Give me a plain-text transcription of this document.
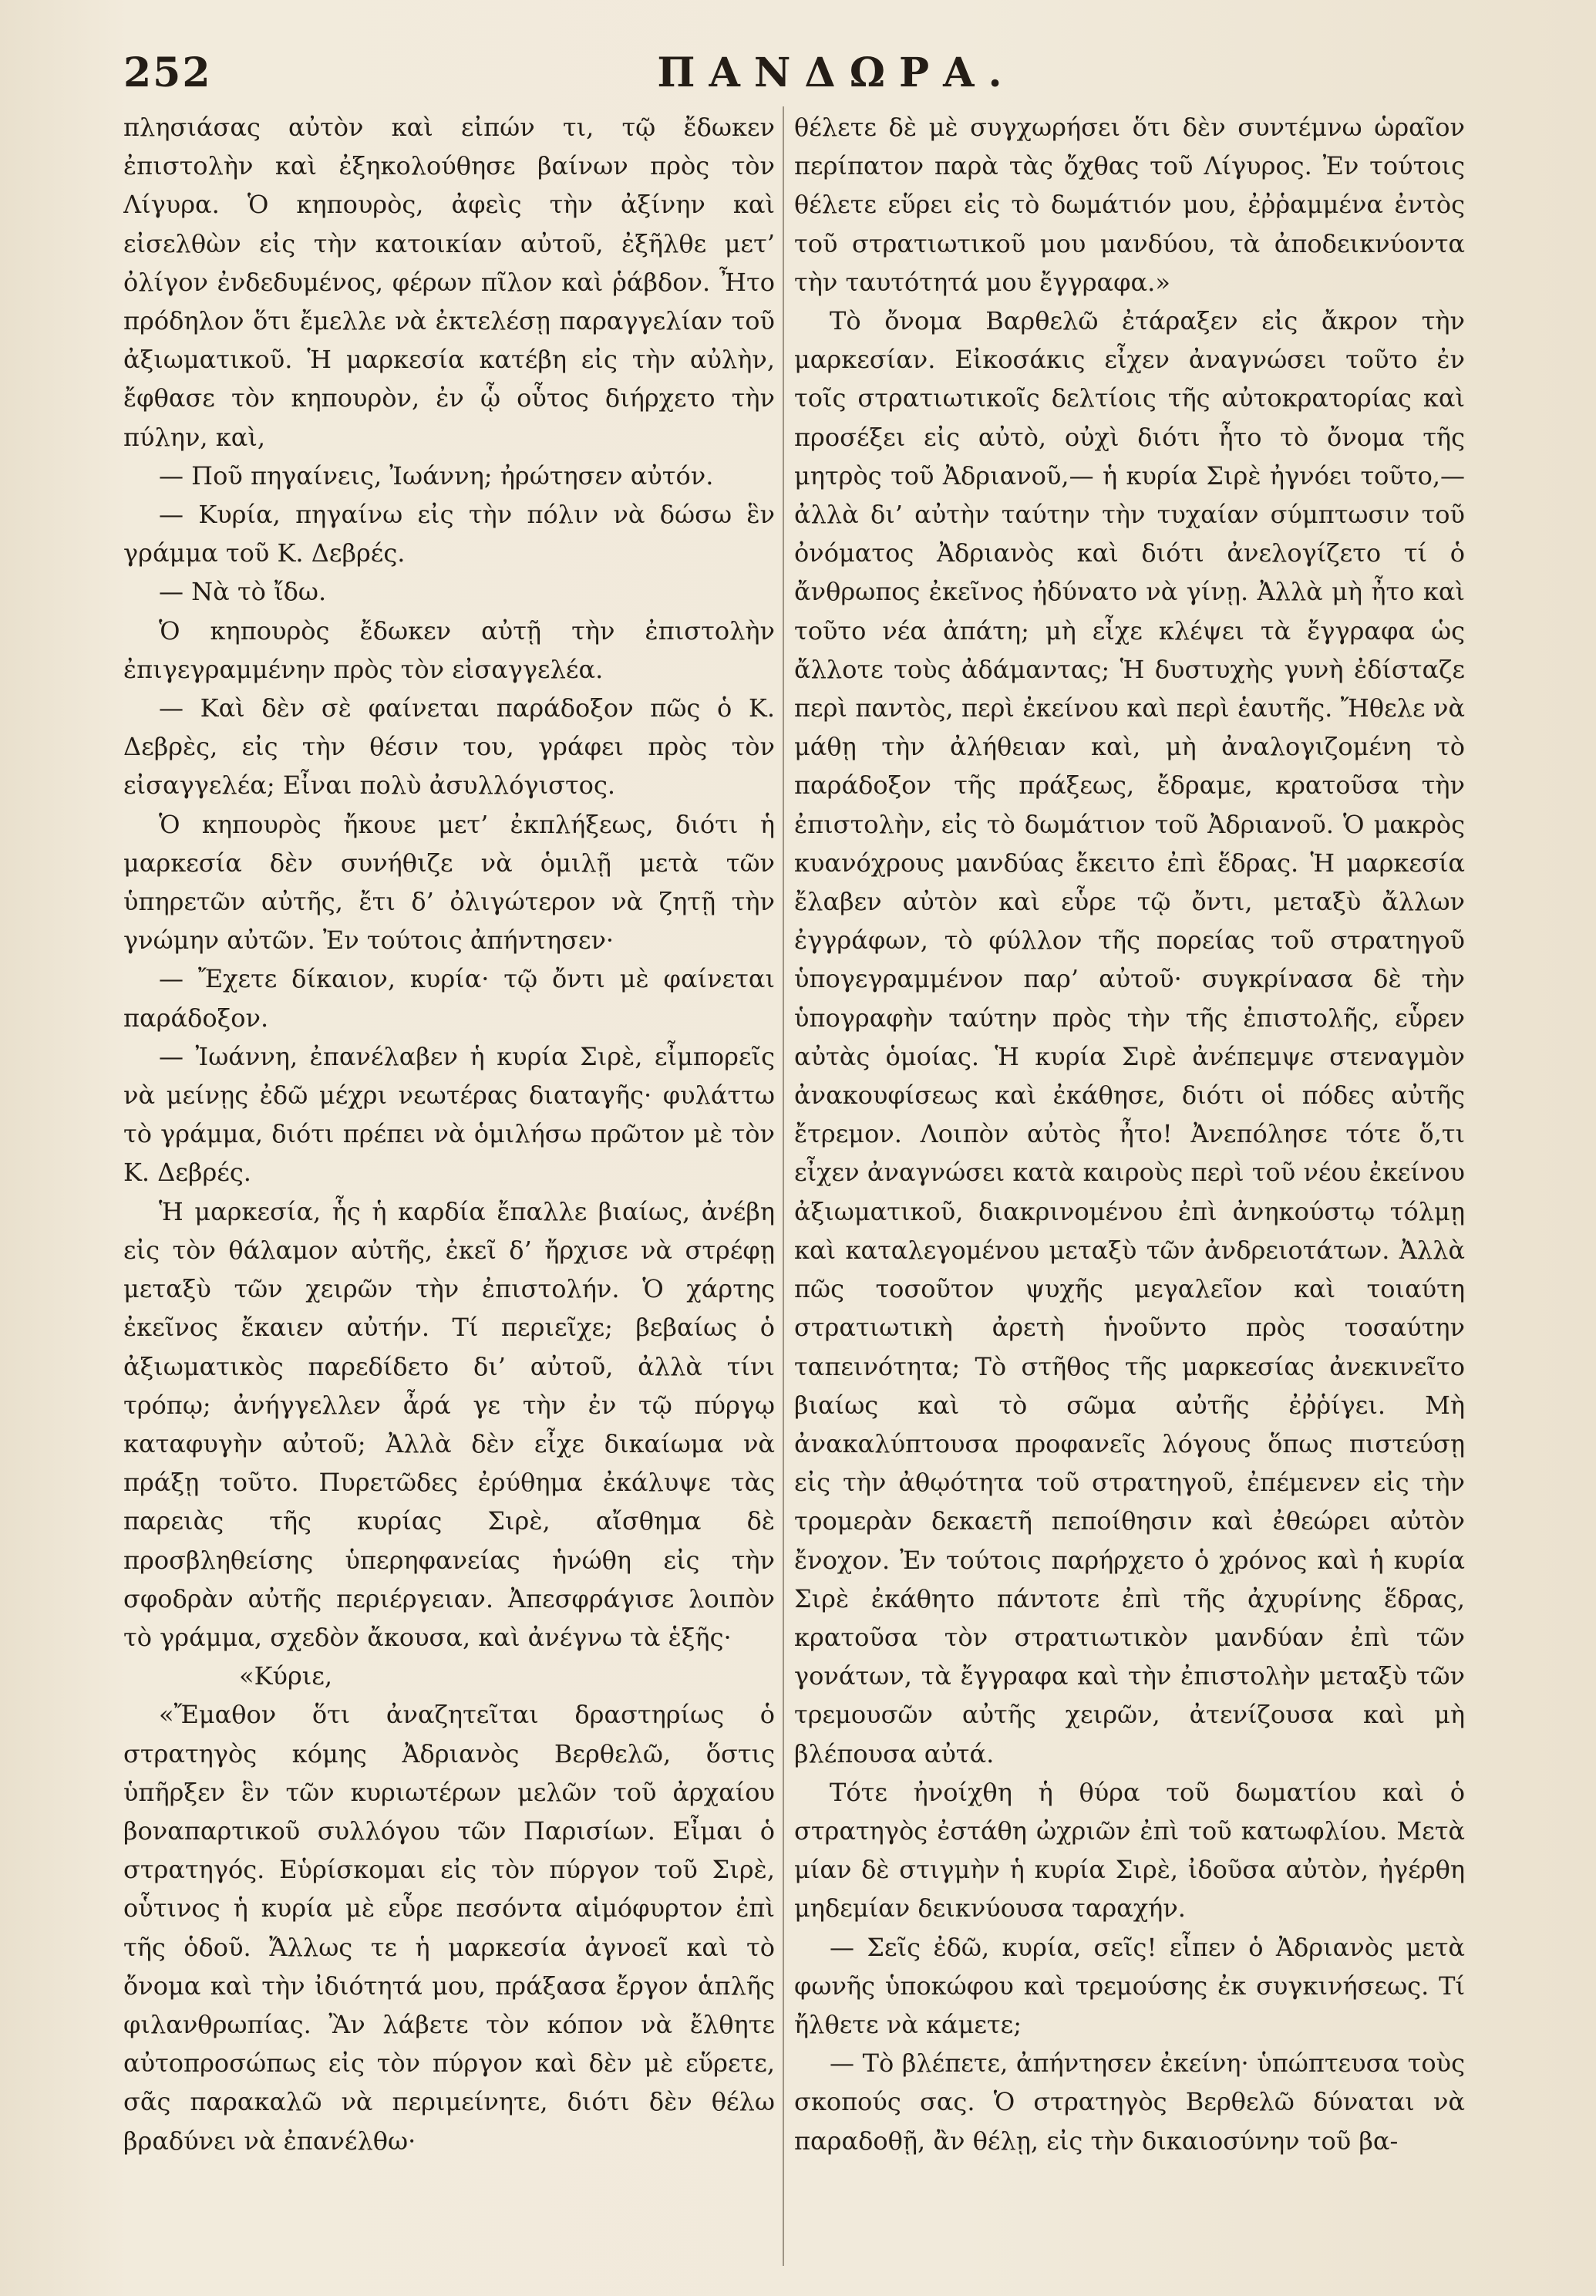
252	ΠΑΝΔΩΡΑ.

πλησιάσας αὐτὸν καὶ εἰπών τι, τῷ ἔδωκεν ἐπιστολὴν καὶ ἐξηκολούθησε βαίνων πρὸς τὸν Λίγυρα. Ὁ κηπουρὸς, ἀφεὶς τὴν ἀξίνην καὶ εἰσελθὼν εἰς τὴν κατοικίαν αὐτοῦ, ἐξῆλθε μετ’ ὀλίγον ἐνδεδυμένος, φέρων πῖλον καὶ ῥάβδον. Ἦτο πρόδηλον ὅτι ἔμελλε νὰ ἐκτελέσῃ παραγγελίαν τοῦ ἀξιωματικοῦ. Ἡ μαρκεσία κατέβη εἰς τὴν αὐλὴν, ἔφθασε τὸν κηπουρὸν, ἐν ᾧ οὗτος διήρχετο τὴν πύλην, καὶ,

— Ποῦ πηγαίνεις, Ἰωάννη; ἠρώτησεν αὐτόν.

— Κυρία, πηγαίνω εἰς τὴν πόλιν νὰ δώσω ἓν γράμμα τοῦ Κ. Δεβρές.

— Νὰ τὸ ἴδω.

Ὁ κηπουρὸς ἔδωκεν αὐτῇ τὴν ἐπιστολὴν ἐπιγεγραμμένην πρὸς τὸν εἰσαγγελέα.

— Καὶ δὲν σὲ φαίνεται παράδοξον πῶς ὁ Κ. Δεβρὲς, εἰς τὴν θέσιν του, γράφει πρὸς τὸν εἰσαγγελέα; Εἶναι πολὺ ἀσυλλόγιστος.

Ὁ κηπουρὸς ἤκουε μετ’ ἐκπλήξεως, διότι ἡ μαρκεσία δὲν συνήθιζε νὰ ὁμιλῇ μετὰ τῶν ὑπηρετῶν αὐτῆς, ἔτι δ’ ὀλιγώτερον νὰ ζητῇ τὴν γνώμην αὐτῶν. Ἐν τούτοις ἀπήντησεν·

— Ἔχετε δίκαιον, κυρία· τῷ ὄντι μὲ φαίνεται παράδοξον.

— Ἰωάννη, ἐπανέλαβεν ἡ κυρία Σιρὲ, εἶμπορεῖς νὰ μείνῃς ἐδῶ μέχρι νεωτέρας διαταγῆς· φυλάττω τὸ γράμμα, διότι πρέπει νὰ ὁμιλήσω πρῶτον μὲ τὸν Κ. Δεβρές.

Ἡ μαρκεσία, ἧς ἡ καρδία ἔπαλλε βιαίως, ἀνέβη εἰς τὸν θάλαμον αὐτῆς, ἐκεῖ δ’ ἤρχισε νὰ στρέφῃ μεταξὺ τῶν χειρῶν τὴν ἐπιστολήν. Ὁ χάρτης ἐκεῖνος ἔκαιεν αὐτήν. Τί περιεῖχε; βεβαίως ὁ ἀξιωματικὸς παρεδίδετο δι’ αὐτοῦ, ἀλλὰ τίνι τρόπῳ; ἀνήγγελλεν ἆρά γε τὴν ἐν τῷ πύργῳ καταφυγὴν αὐτοῦ; Ἀλλὰ δὲν εἶχε δικαίωμα νὰ πράξῃ τοῦτο. Πυρετῶδες ἐρύθημα ἐκάλυψε τὰς παρειὰς τῆς κυρίας Σιρὲ, αἴσθημα δὲ προσβληθείσης ὑπερηφανείας ἡνώθη εἰς τὴν σφοδρὰν αὐτῆς περιέργειαν. Ἀπεσφράγισε λοιπὸν τὸ γράμμα, σχεδὸν ἄκουσα, καὶ ἀνέγνω τὰ ἑξῆς·

«Κύριε,

«Ἔμαθον ὅτι ἀναζητεῖται δραστηρίως ὁ στρατηγὸς κόμης Ἀδριανὸς Βερθελῶ, ὅστις ὑπῆρξεν ἓν τῶν κυριωτέρων μελῶν τοῦ ἀρχαίου βοναπαρτικοῦ συλλόγου τῶν Παρισίων. Εἶμαι ὁ στρατηγός. Εὑρίσκομαι εἰς τὸν πύργον τοῦ Σιρὲ, οὗτινος ἡ κυρία μὲ εὗρε πεσόντα αἱμόφυρτον ἐπὶ τῆς ὁδοῦ. Ἄλλως τε ἡ μαρκεσία ἀγνοεῖ καὶ τὸ ὄνομα καὶ τὴν ἰδιότητά μου, πράξασα ἔργον ἁπλῆς φιλανθρωπίας. Ἂν λάβετε τὸν κόπον νὰ ἔλθητε αὐτοπροσώπως εἰς τὸν πύργον καὶ δὲν μὲ εὕρετε, σᾶς παρακαλῶ νὰ περιμείνητε, διότι δὲν θέλω βραδύνει νὰ ἐπανέλθω·

θέλετε δὲ μὲ συγχωρήσει ὅτι δὲν συντέμνω ὡραῖον περίπατον παρὰ τὰς ὄχθας τοῦ Λίγυρος. Ἐν τούτοις θέλετε εὕρει εἰς τὸ δωμάτιόν μου, ἐῤῥαμμένα ἐντὸς τοῦ στρατιωτικοῦ μου μανδύου, τὰ ἀποδεικνύοντα τὴν ταυτότητά μου ἔγγραφα.»

Τὸ ὄνομα Βαρθελῶ ἐτάραξεν εἰς ἄκρον τὴν μαρκεσίαν. Εἰκοσάκις εἶχεν ἀναγνώσει τοῦτο ἐν τοῖς στρατιωτικοῖς δελτίοις τῆς αὐτοκρατορίας καὶ προσέξει εἰς αὐτὸ, οὐχὶ διότι ἦτο τὸ ὄνομα τῆς μητρὸς τοῦ Ἀδριανοῦ,— ἡ κυρία Σιρὲ ἠγνόει τοῦτο,— ἀλλὰ δι’ αὐτὴν ταύτην τὴν τυχαίαν σύμπτωσιν τοῦ ὀνόματος Ἀδριανὸς καὶ διότι ἀνελογίζετο τί ὁ ἄνθρωπος ἐκεῖνος ἠδύνατο νὰ γίνῃ. Ἀλλὰ μὴ ἦτο καὶ τοῦτο νέα ἀπάτη; μὴ εἶχε κλέψει τὰ ἔγγραφα ὡς ἄλλοτε τοὺς ἀδάμαντας; Ἡ δυστυχὴς γυνὴ ἐδίσταζε περὶ παντὸς, περὶ ἐκείνου καὶ περὶ ἑαυτῆς. Ἤθελε νὰ μάθῃ τὴν ἀλήθειαν καὶ, μὴ ἀναλογιζομένη τὸ παράδοξον τῆς πράξεως, ἔδραμε, κρατοῦσα τὴν ἐπιστολὴν, εἰς τὸ δωμάτιον τοῦ Ἀδριανοῦ. Ὁ μακρὸς κυανόχρους μανδύας ἔκειτο ἐπὶ ἕδρας. Ἡ μαρκεσία ἔλαβεν αὐτὸν καὶ εὗρε τῷ ὄντι, μεταξὺ ἄλλων ἐγγράφων, τὸ φύλλον τῆς πορείας τοῦ στρατηγοῦ ὑπογεγραμμένον παρ’ αὐτοῦ· συγκρίνασα δὲ τὴν ὑπογραφὴν ταύτην πρὸς τὴν τῆς ἐπιστολῆς, εὗρεν αὐτὰς ὁμοίας. Ἡ κυρία Σιρὲ ἀνέπεμψε στεναγμὸν ἀνακουφίσεως καὶ ἐκάθησε, διότι οἱ πόδες αὐτῆς ἔτρεμον. Λοιπὸν αὐτὸς ἦτο! Ἀνεπόλησε τότε ὅ,τι εἶχεν ἀναγνώσει κατὰ καιροὺς περὶ τοῦ νέου ἐκείνου ἀξιωματικοῦ, διακρινομένου ἐπὶ ἀνηκούστῳ τόλμῃ καὶ καταλεγομένου μεταξὺ τῶν ἀνδρειοτάτων. Ἀλλὰ πῶς τοσοῦτον ψυχῆς μεγαλεῖον καὶ τοιαύτη στρατιωτικὴ ἀρετὴ ἡνοῦντο πρὸς τοσαύτην ταπεινότητα; Τὸ στῆθος τῆς μαρκεσίας ἀνεκινεῖτο βιαίως καὶ τὸ σῶμα αὐτῆς ἐῤῥίγει. Μὴ ἀνακαλύπτουσα προφανεῖς λόγους ὅπως πιστεύσῃ εἰς τὴν ἀθῳότητα τοῦ στρατηγοῦ, ἐπέμενεν εἰς τὴν τρομερὰν δεκαετῆ πεποίθησιν καὶ ἐθεώρει αὐτὸν ἔνοχον. Ἐν τούτοις παρήρχετο ὁ χρόνος καὶ ἡ κυρία Σιρὲ ἐκάθητο πάντοτε ἐπὶ τῆς ἀχυρίνης ἕδρας, κρατοῦσα τὸν στρατιωτικὸν μανδύαν ἐπὶ τῶν γονάτων, τὰ ἔγγραφα καὶ τὴν ἐπιστολὴν μεταξὺ τῶν τρεμουσῶν αὐτῆς χειρῶν, ἀτενίζουσα καὶ μὴ βλέπουσα αὐτά.

Τότε ἠνοίχθη ἡ θύρα τοῦ δωματίου καὶ ὁ στρατηγὸς ἐστάθη ὠχριῶν ἐπὶ τοῦ κατωφλίου. Μετὰ μίαν δὲ στιγμὴν ἡ κυρία Σιρὲ, ἰδοῦσα αὐτὸν, ἠγέρθη μηδεμίαν δεικνύουσα ταραχήν.

— Σεῖς ἐδῶ, κυρία, σεῖς! εἶπεν ὁ Ἀδριανὸς μετὰ φωνῆς ὑποκώφου καὶ τρεμούσης ἐκ συγκινήσεως. Τί ἤλθετε νὰ κάμετε;

— Τὸ βλέπετε, ἀπήντησεν ἐκείνη· ὑπώπτευσα τοὺς σκοπούς σας. Ὁ στρατηγὸς Βερθελῶ δύναται νὰ παραδοθῇ, ἂν θέλῃ, εἰς τὴν δικαιοσύνην τοῦ βα-
